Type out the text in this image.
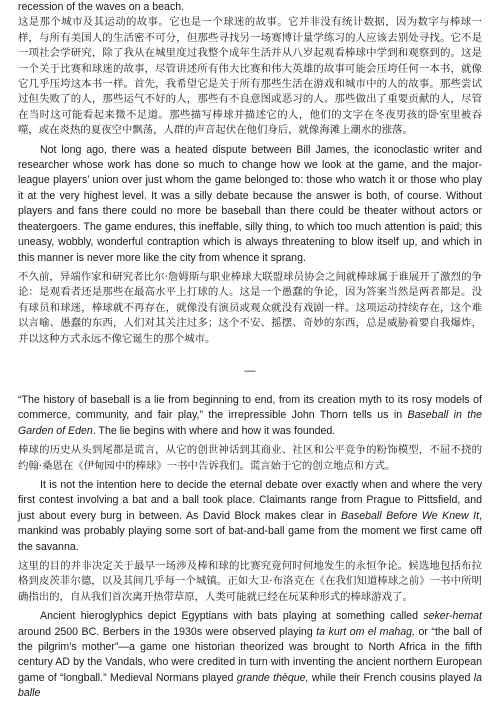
recession of the waves on a beach.

这是那个城市及其运动的故事。它也是一个球迷的故事。它并非没有统计数据，因为数字与棒球一样，与所有美国人的生活密不可分，但那些寻找另一场赛博计量学练习的人应该去别处寻找。它不是一项社会学研究，除了我从在城里度过我整个成年生活并从八岁起观看棒球中学到和观察到的。这是一个关于比赛和球迷的故事，尽管讲述所有伟大比赛和伟大英雄的故事可能会压垮任何一本书，就像它几乎压垮这本书一样。首先，我希望它是关于所有那些生活在游戏和城市中的人的故事。那些尝试过但失败了的人，那些运气不好的人，那些有不良意图或恶习的人。那些做出了重要贡献的人，尽管在当时这可能看起来微不足道。那些描写棒球并描述它的人，他们的文字在冬夜男孩的卧室里被吞噬，或在炎热的夏夜空中飘荡，人群的声音起伏在他们身后，就像海滩上潮水的涨落。

Not long ago, there was a heated dispute between Bill James, the iconoclastic writer and researcher whose work has done so much to change how we look at the game, and the major-league players’ union over just whom the game belonged to: those who watch it or those who play it at the very highest level. It was a silly debate because the answer is both, of course. Without players and fans there could no more be baseball than there could be theater without actors or theatergoers. The game endures, this ineffable, silly thing, to which too much attention is paid; this uneasy, wobbly, wonderful contraption which is always threatening to blow itself up, and which in this manner is never more like the city from whence it sprang.

不久前，异端作家和研究者比尔·詹姆斯与职业棒球大联盟球员协会之间就棒球属于谁展开了激烈的争论：是观看者还是那些在最高水平上打球的人。这是一个愚蠢的争论，因为答案当然是两者都是。没有球员和球迷，棒球就不再存在，就像没有演员或观众就没有戏剧一样。这项运动持续存在，这个难以言喻、愚蠢的东西，人们对其关注过多；这个不安、摇摆、奇妙的东西，总是威胁着要自我爆炸，并以这种方式永远不像它诞生的那个城市。

—

“The history of baseball is a lie from beginning to end, from its creation myth to its rosy models of commerce, community, and fair play,” the irrepressible John Thorn tells us in Baseball in the Garden of Eden. The lie begins with where and how it was founded.

棒球的历史从头到尾都是谎言，从它的创世神话到其商业、社区和公平竞争的粉饰模型，不屈不挠的约翰·桑恩在《伊甸园中的棒球》一书中告诉我们。谎言始于它的创立地点和方式。

It is not the intention here to decide the eternal debate over exactly when and where the very first contest involving a bat and a ball took place. Claimants range from Prague to Pittsfield, and just about every burg in between. As David Block makes clear in Baseball Before We Knew It, mankind was probably playing some sort of bat-and-ball game from the moment we first came off the savanna.

这里的目的并非决定关于最早一场涉及棒和球的比赛究竟何时何地发生的永恒争论。候选地包括布拉格到皮茨菲尔德，以及其间几乎每一个城镇。正如大卫·布洛克在《在我们知道棒球之前》一书中所明确指出的，自从我们首次离开热带草原，人类可能就已经在玩某种形式的棒球游戏了。

Ancient hieroglyphics depict Egyptians with bats playing at something called seker-hemat around 2500 BC. Berbers in the 1930s were observed playing ta kurt om el mahag, or “the ball of the pilgrim’s mother”—a game one historian theorized was brought to North Africa in the fifth century AD by the Vandals, who were credited in turn with inventing the ancient northern European game of “longball.” Medieval Normans played grande thèque, while their French cousins played la balle
